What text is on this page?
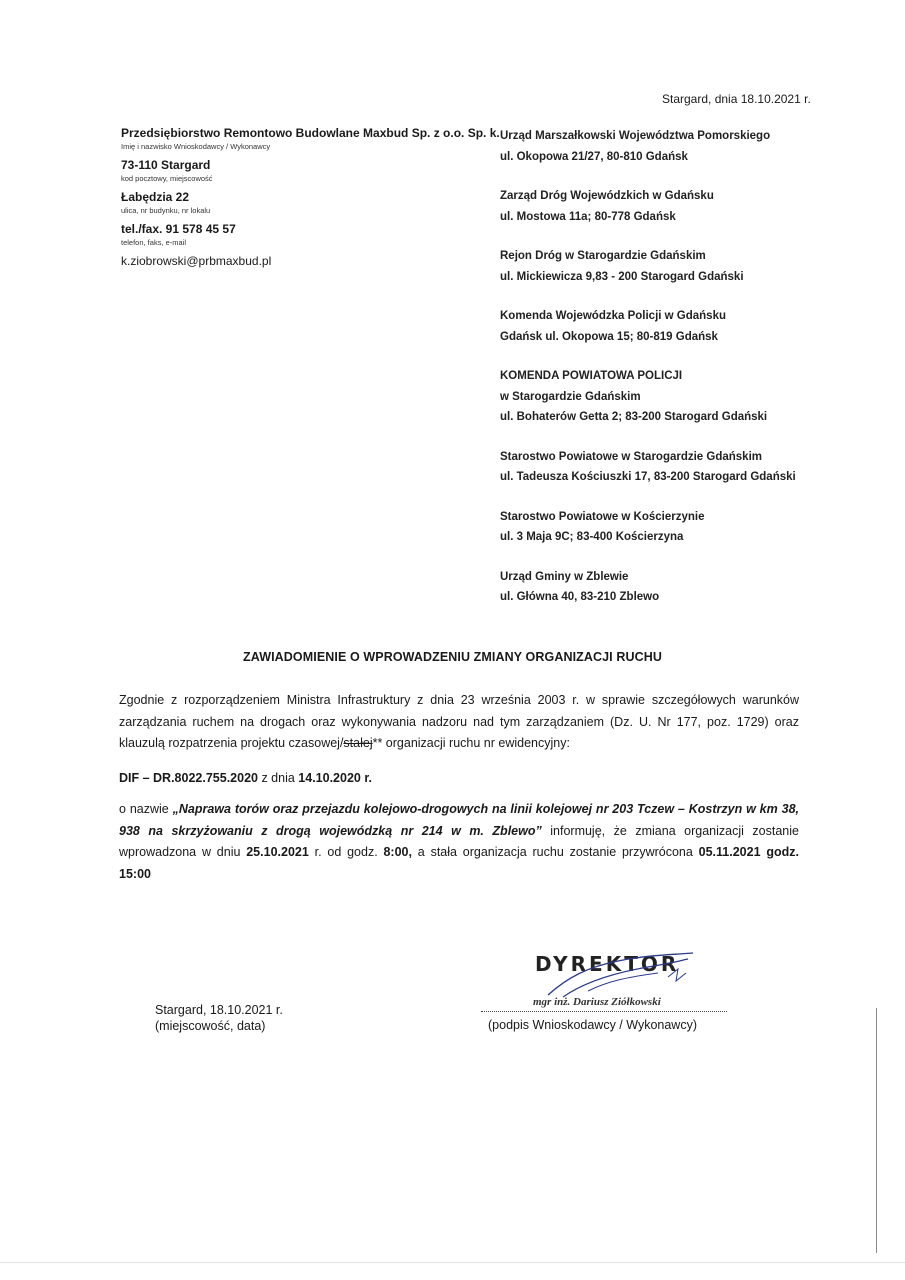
Stargard, dnia 18.10.2021 r.
Przedsiębiorstwo Remontowo Budowlane Maxbud Sp. z o.o. Sp. k.
Imię i nazwisko Wnioskodawcy / Wykonawcy
73-110 Stargard
kod pocztowy, miejscowość
Łabędzia 22
ulica, nr budynku, nr lokalu
tel./fax. 91 578 45 57
telefon, faks, e-mail
k.ziobrowski@prbmaxbud.pl
Urząd Marszałkowski Województwa Pomorskiego
ul. Okopowa 21/27, 80-810 Gdańsk
Zarząd Dróg Wojewódzkich w Gdańsku
ul. Mostowa 11a; 80-778 Gdańsk
Rejon Dróg w Starogardzie Gdańskim
ul. Mickiewicza 9,83 - 200 Starogard Gdański
Komenda Wojewódzka Policji w Gdańsku
Gdańsk ul. Okopowa 15; 80-819 Gdańsk
KOMENDA POWIATOWA POLICJI
w Starogardzie Gdańskim
ul. Bohaterów Getta 2; 83-200 Starogard Gdański
Starostwo Powiatowe w Starogardzie Gdańskim
ul. Tadeusza Kościuszki 17, 83-200 Starogard Gdański
Starostwo Powiatowe w Kościerzynie
ul. 3 Maja 9C; 83-400 Kościerzyna
Urząd Gminy w Zblewie
ul. Główna 40, 83-210 Zblewo
ZAWIADOMIENIE O WPROWADZENIU ZMIANY ORGANIZACJI RUCHU
Zgodnie z rozporządzeniem Ministra Infrastruktury z dnia 23 września 2003 r. w sprawie szczegółowych warunków zarządzania ruchem na drogach oraz wykonywania nadzoru nad tym zarządzaniem (Dz. U. Nr 177, poz. 1729) oraz klauzulą rozpatrzenia projektu czasowej/stałej** organizacji ruchu nr ewidencyjny:
DIF – DR.8022.755.2020 z dnia 14.10.2020 r.
o nazwie „Naprawa torów oraz przejazdu kolejowo-drogowych na linii kolejowej nr 203 Tczew – Kostrzyn w km 38, 938 na skrzyżowaniu z drogą wojewódzką nr 214 w m. Zblewo” informuję, że zmiana organizacji zostanie wprowadzona w dniu 25.10.2021 r. od godz. 8:00, a stała organizacja ruchu zostanie przywrócona 05.11.2021 godz. 15:00
Stargard, 18.10.2021 r.
(miejscowość, data)
DYREKTOR
mgr inż. Dariusz Ziółkowski
(podpis Wnioskodawcy / Wykonawcy)
